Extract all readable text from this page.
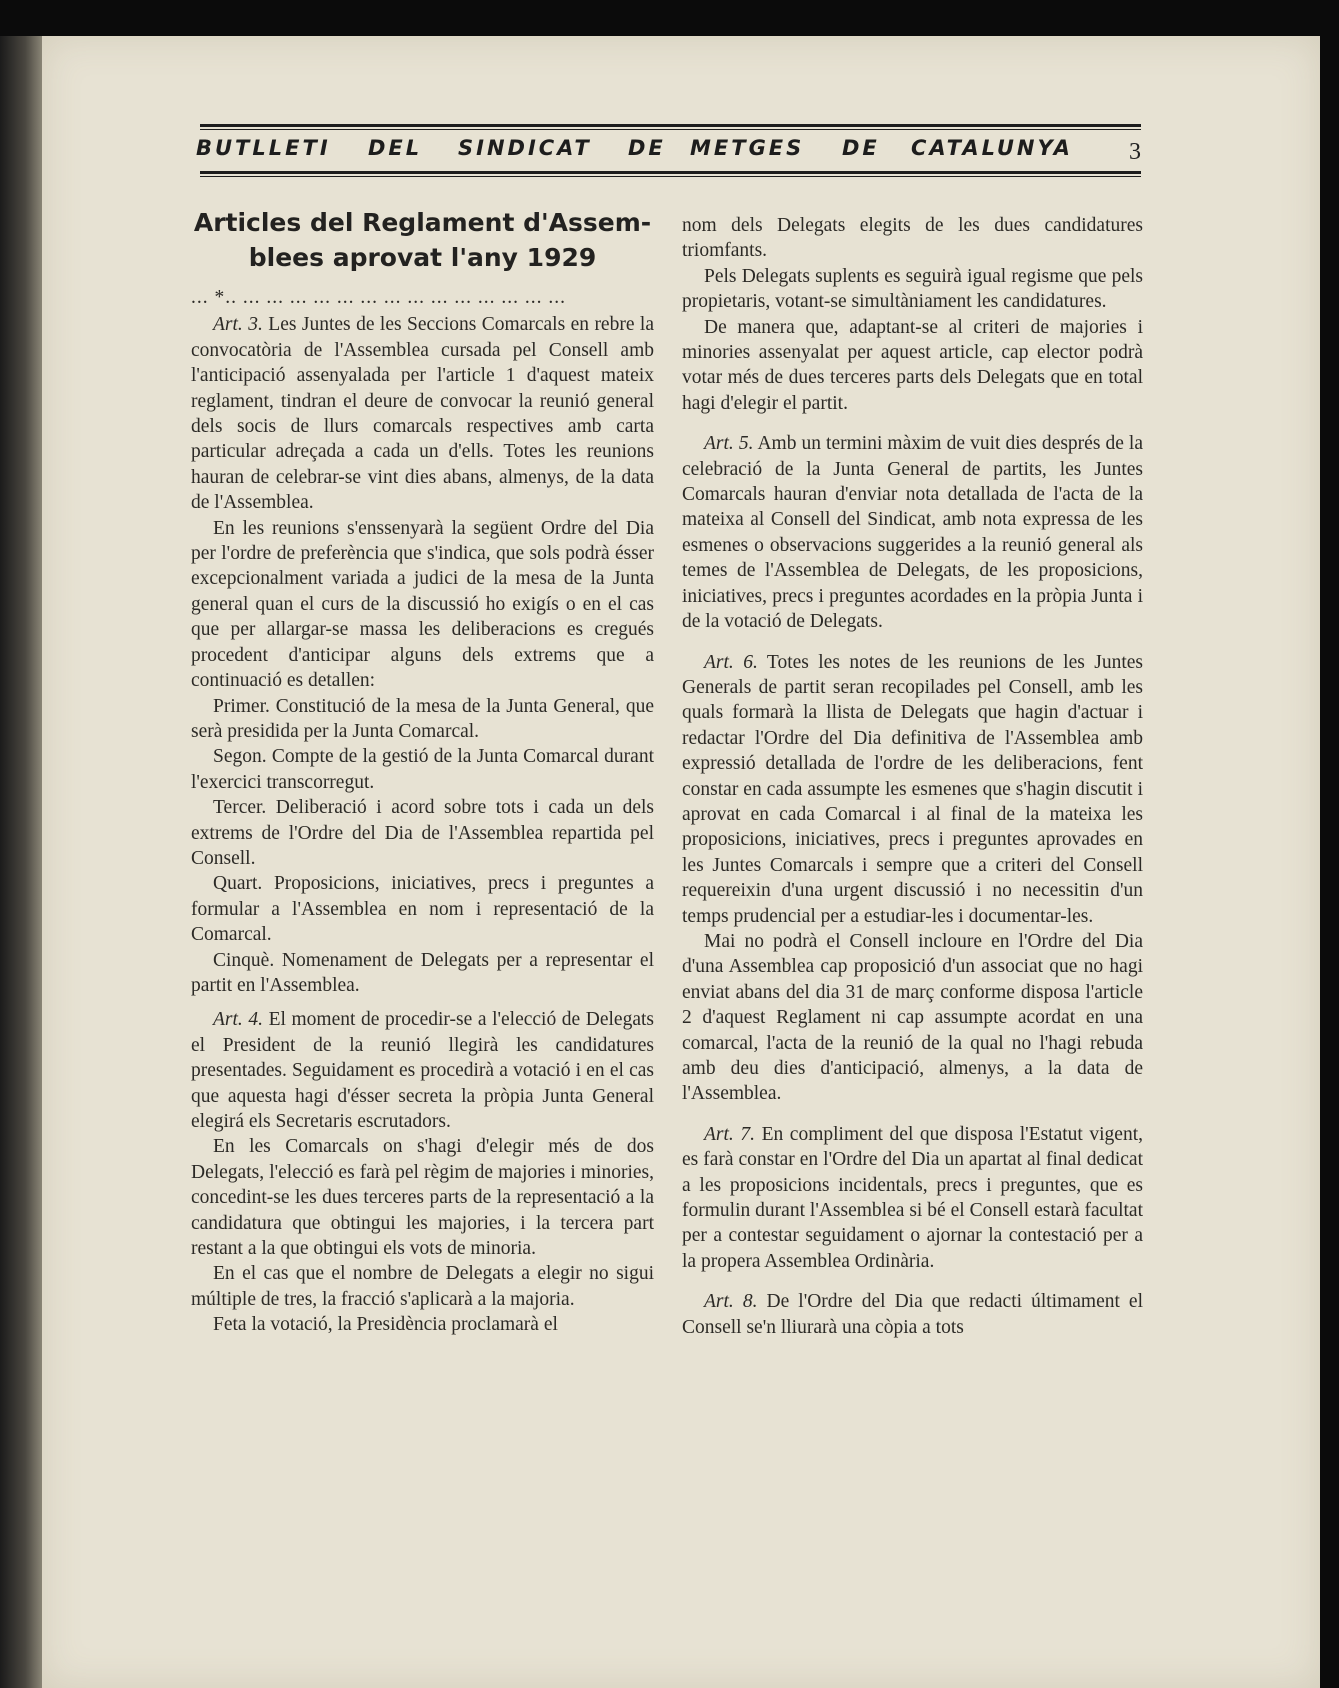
BUTLLETI DEL SINDICAT DE METGES DE CATALUNYA 3
Articles del Reglament d'Assem-
blees aprovat l'any 1929
... *.. ... ... ... ... ... ... ... ... ... ... ... ... ... ...

Art. 3. Les Juntes de les Seccions Comarcals en rebre la convocatòria de l'Assemblea cursada pel Consell amb l'anticipació assenyalada per l'article 1 d'aquest mateix reglament, tindran el deure de convocar la reunió general dels socis de llurs comarcals respectives amb carta particular adreçada a cada un d'ells. Totes les reunions hauran de celebrar-se vint dies abans, almenys, de la data de l'Assemblea.

En les reunions s'enssenyarà la següent Ordre del Dia per l'ordre de preferència que s'indica, que sols podrà ésser excepcionalment variada a judici de la mesa de la Junta general quan el curs de la discussió ho exigís o en el cas que per allargar-se massa les deliberacions es cregués procedent d'anticipar alguns dels extrems que a continuació es detallen:

Primer. Constitució de la mesa de la Junta General, que serà presidida per la Junta Comarcal.

Segon. Compte de la gestió de la Junta Comarcal durant l'exercici transcorregut.

Tercer. Deliberació i acord sobre tots i cada un dels extrems de l'Ordre del Dia de l'Assemblea repartida pel Consell.

Quart. Proposicions, iniciatives, precs i preguntes a formular a l'Assemblea en nom i representació de la Comarcal.

Cinquè. Nomenament de Delegats per a representar el partit en l'Assemblea.

Art. 4. El moment de procedir-se a l'elecció de Delegats el President de la reunió llegirà les candidatures presentades. Seguidament es procedirà a votació i en el cas que aquesta hagi d'ésser secreta la pròpia Junta General elegirá els Secretaris escrutadors.

En les Comarcals on s'hagi d'elegir més de dos Delegats, l'elecció es farà pel règim de majories i minories, concedint-se les dues terceres parts de la representació a la candidatura que obtingui les majories, i la tercera part restant a la que obtingui els vots de minoria.

En el cas que el nombre de Delegats a elegir no sigui múltiple de tres, la fracció s'aplicarà a la majoria.

Feta la votació, la Presidència proclamarà el

nom dels Delegats elegits de les dues candidatures triomfants.

Pels Delegats suplents es seguirà igual regisme que pels propietaris, votant-se simultàniament les candidatures.

De manera que, adaptant-se al criteri de majories i minories assenyalat per aquest article, cap elector podrà votar més de dues terceres parts dels Delegats que en total hagi d'elegir el partit.

Art. 5. Amb un termini màxim de vuit dies després de la celebració de la Junta General de partits, les Juntes Comarcals hauran d'enviar nota detallada de l'acta de la mateixa al Consell del Sindicat, amb nota expressa de les esmenes o observacions suggerides a la reunió general als temes de l'Assemblea de Delegats, de les proposicions, iniciatives, precs i preguntes acordades en la pròpia Junta i de la votació de Delegats.

Art. 6. Totes les notes de les reunions de les Juntes Generals de partit seran recopilades pel Consell, amb les quals formarà la llista de Delegats que hagin d'actuar i redactar l'Ordre del Dia definitiva de l'Assemblea amb expressió detallada de l'ordre de les deliberacions, fent constar en cada assumpte les esmenes que s'hagin discutit i aprovat en cada Comarcal i al final de la mateixa les proposicions, iniciatives, precs i preguntes aprovades en les Juntes Comarcals i sempre que a criteri del Consell requereixin d'una urgent discussió i no necessitin d'un temps prudencial per a estudiar-les i documentar-les.

Mai no podrà el Consell incloure en l'Ordre del Dia d'una Assemblea cap proposició d'un associat que no hagi enviat abans del dia 31 de març conforme disposa l'article 2 d'aquest Reglament ni cap assumpte acordat en una comarcal, l'acta de la reunió de la qual no l'hagi rebuda amb deu dies d'anticipació, almenys, a la data de l'Assemblea.

Art. 7. En compliment del que disposa l'Estatut vigent, es farà constar en l'Ordre del Dia un apartat al final dedicat a les proposicions incidentals, precs i preguntes, que es formulin durant l'Assemblea si bé el Consell estarà facultat per a contestar seguidament o ajornar la contestació per a la propera Assemblea Ordinària.

Art. 8. De l'Ordre del Dia que redacti últimament el Consell se'n lliurarà una còpia a tots
